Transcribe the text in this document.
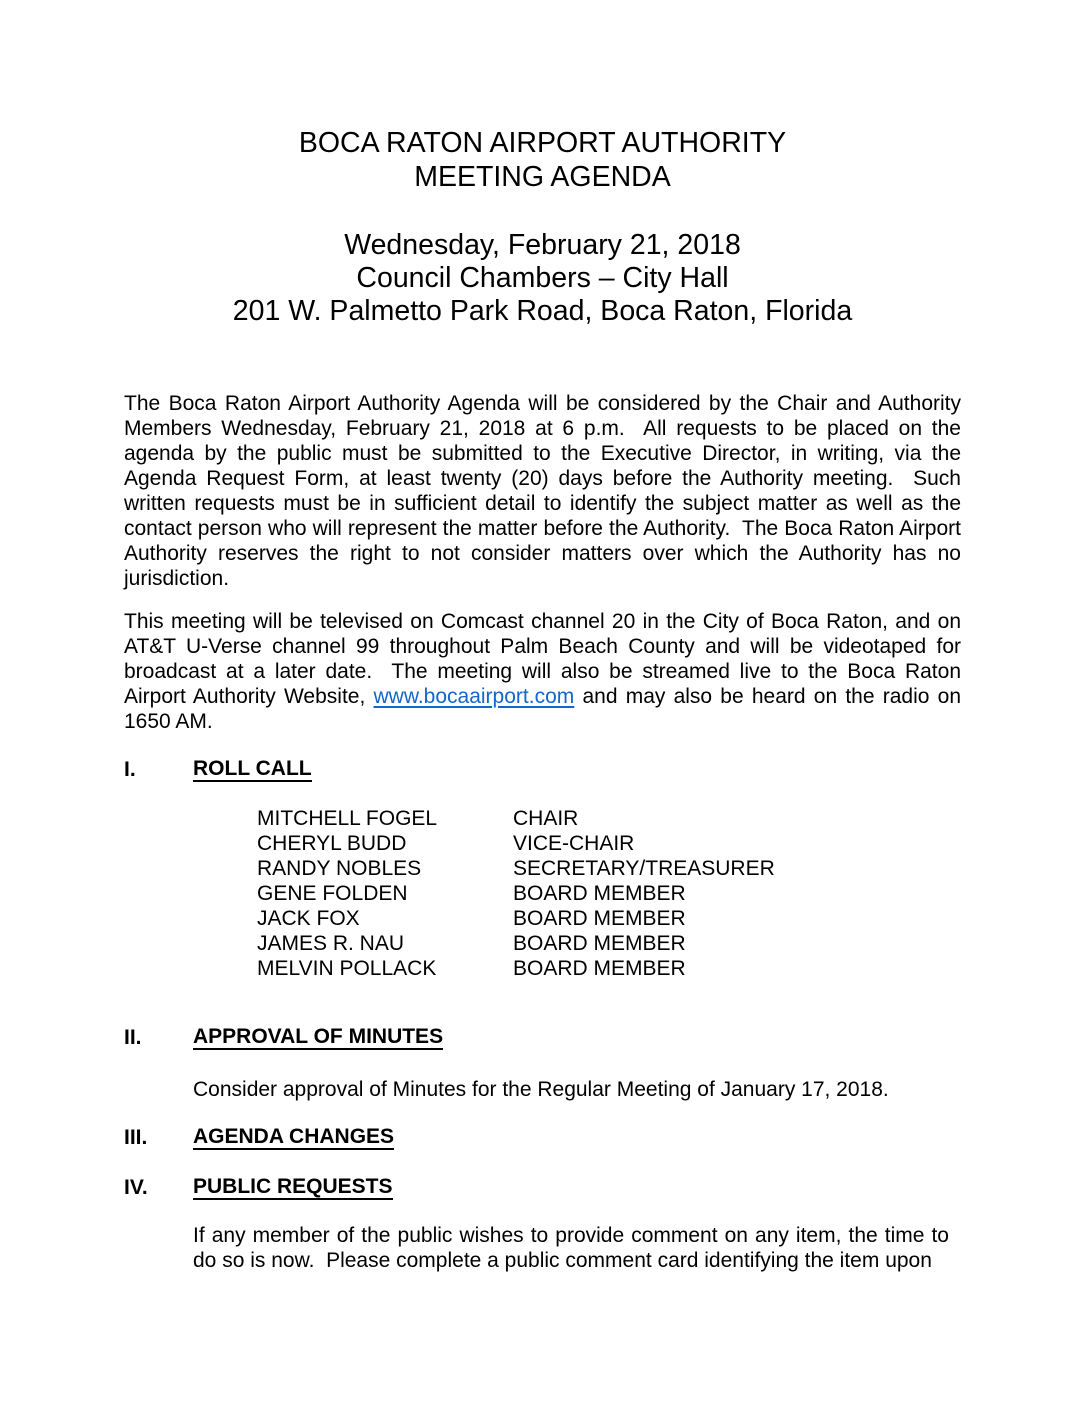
BOCA RATON AIRPORT AUTHORITY
MEETING AGENDA
Wednesday, February 21, 2018
Council Chambers – City Hall
201 W. Palmetto Park Road, Boca Raton, Florida

The Boca Raton Airport Authority Agenda will be considered by the Chair and Authority Members Wednesday, February 21, 2018 at 6 p.m.  All requests to be placed on the agenda by the public must be submitted to the Executive Director, in writing, via the Agenda Request Form, at least twenty (20) days before the Authority meeting.  Such written requests must be in sufficient detail to identify the subject matter as well as the contact person who will represent the matter before the Authority.  The Boca Raton Airport Authority reserves the right to not consider matters over which the Authority has no jurisdiction.

This meeting will be televised on Comcast channel 20 in the City of Boca Raton, and on AT&T U-Verse channel 99 throughout Palm Beach County and will be videotaped for broadcast at a later date.  The meeting will also be streamed live to the Boca Raton Airport Authority Website, www.bocaairport.com and may also be heard on the radio on 1650 AM.

I.	ROLL CALL
MITCHELL FOGEL	CHAIR
CHERYL BUDD	VICE-CHAIR
RANDY NOBLES	SECRETARY/TREASURER
GENE FOLDEN	BOARD MEMBER
JACK FOX	BOARD MEMBER
JAMES R. NAU	BOARD MEMBER
MELVIN POLLACK	BOARD MEMBER
II.	APPROVAL OF MINUTES

Consider approval of Minutes for the Regular Meeting of January 17, 2018.

III.	AGENDA CHANGES
IV.	PUBLIC REQUESTS

If any member of the public wishes to provide comment on any item, the time to do so is now.  Please complete a public comment card identifying the item upon
